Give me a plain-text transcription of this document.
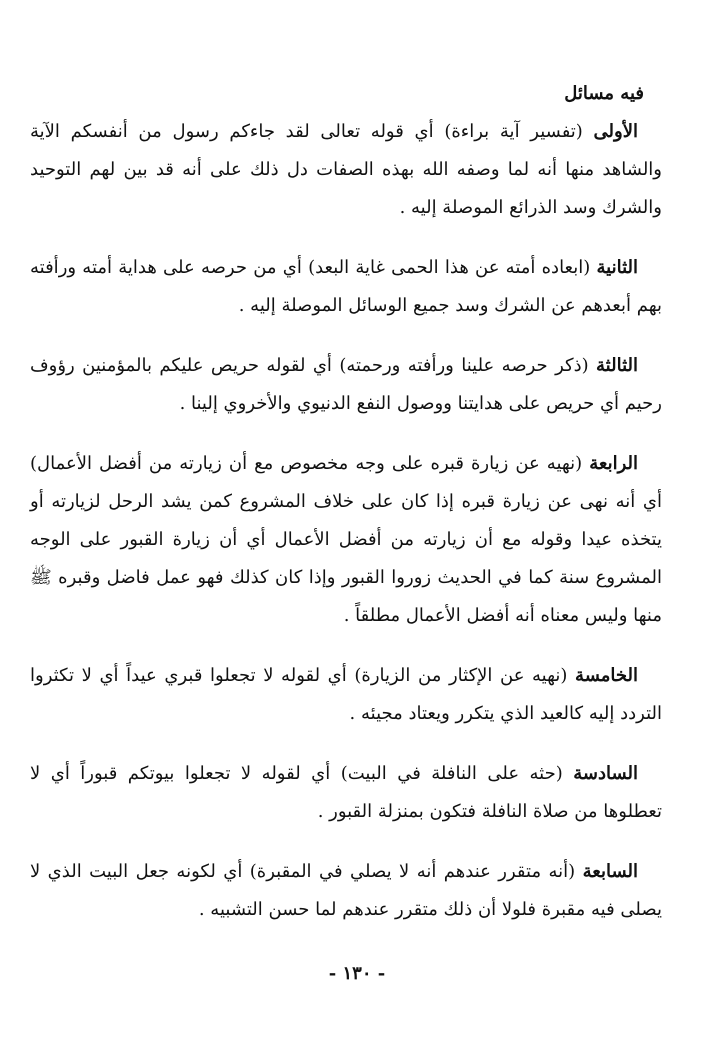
فيه مسائل

الأولى (تفسير آية براءة) أي قوله تعالى لقد جاءكم رسول من أنفسكم الآية والشاهد منها أنه لما وصفه الله بهذه الصفات دل ذلك على أنه قد بين لهم التوحيد والشرك وسد الذرائع الموصلة إليه .

الثانية (ابعاده أمته عن هذا الحمى غاية البعد) أي من حرصه على هداية أمته ورأفته بهم أبعدهم عن الشرك وسد جميع الوسائل الموصلة إليه .

الثالثة (ذكر حرصه علينا ورأفته ورحمته) أي لقوله حريص عليكم بالمؤمنين رؤوف رحيم أي حريص على هدايتنا ووصول النفع الدنيوي والأخروي إلينا .

الرابعة (نهيه عن زيارة قبره على وجه مخصوص مع أن زيارته من أفضل الأعمال) أي أنه نهى عن زيارة قبره إذا كان على خلاف المشروع كمن يشد الرحل لزيارته أو يتخذه عيدا وقوله مع أن زيارته من أفضل الأعمال أي أن زيارة القبور على الوجه المشروع سنة كما في الحديث زوروا القبور وإذا كان كذلك فهو عمل فاضل وقبره ﷺ منها وليس معناه أنه أفضل الأعمال مطلقاً .

الخامسة (نهيه عن الإكثار من الزيارة) أي لقوله لا تجعلوا قبري عيداً أي لا تكثروا التردد إليه كالعيد الذي يتكرر ويعتاد مجيئه .

السادسة (حثه على النافلة في البيت) أي لقوله لا تجعلوا بيوتكم قبوراً أي لا تعطلوها من صلاة النافلة فتكون بمنزلة القبور .

السابعة (أنه متقرر عندهم أنه لا يصلي في المقبرة) أي لكونه جعل البيت الذي لا يصلى فيه مقبرة فلولا أن ذلك متقرر عندهم لما حسن التشبيه .

- ١٣٠ -
